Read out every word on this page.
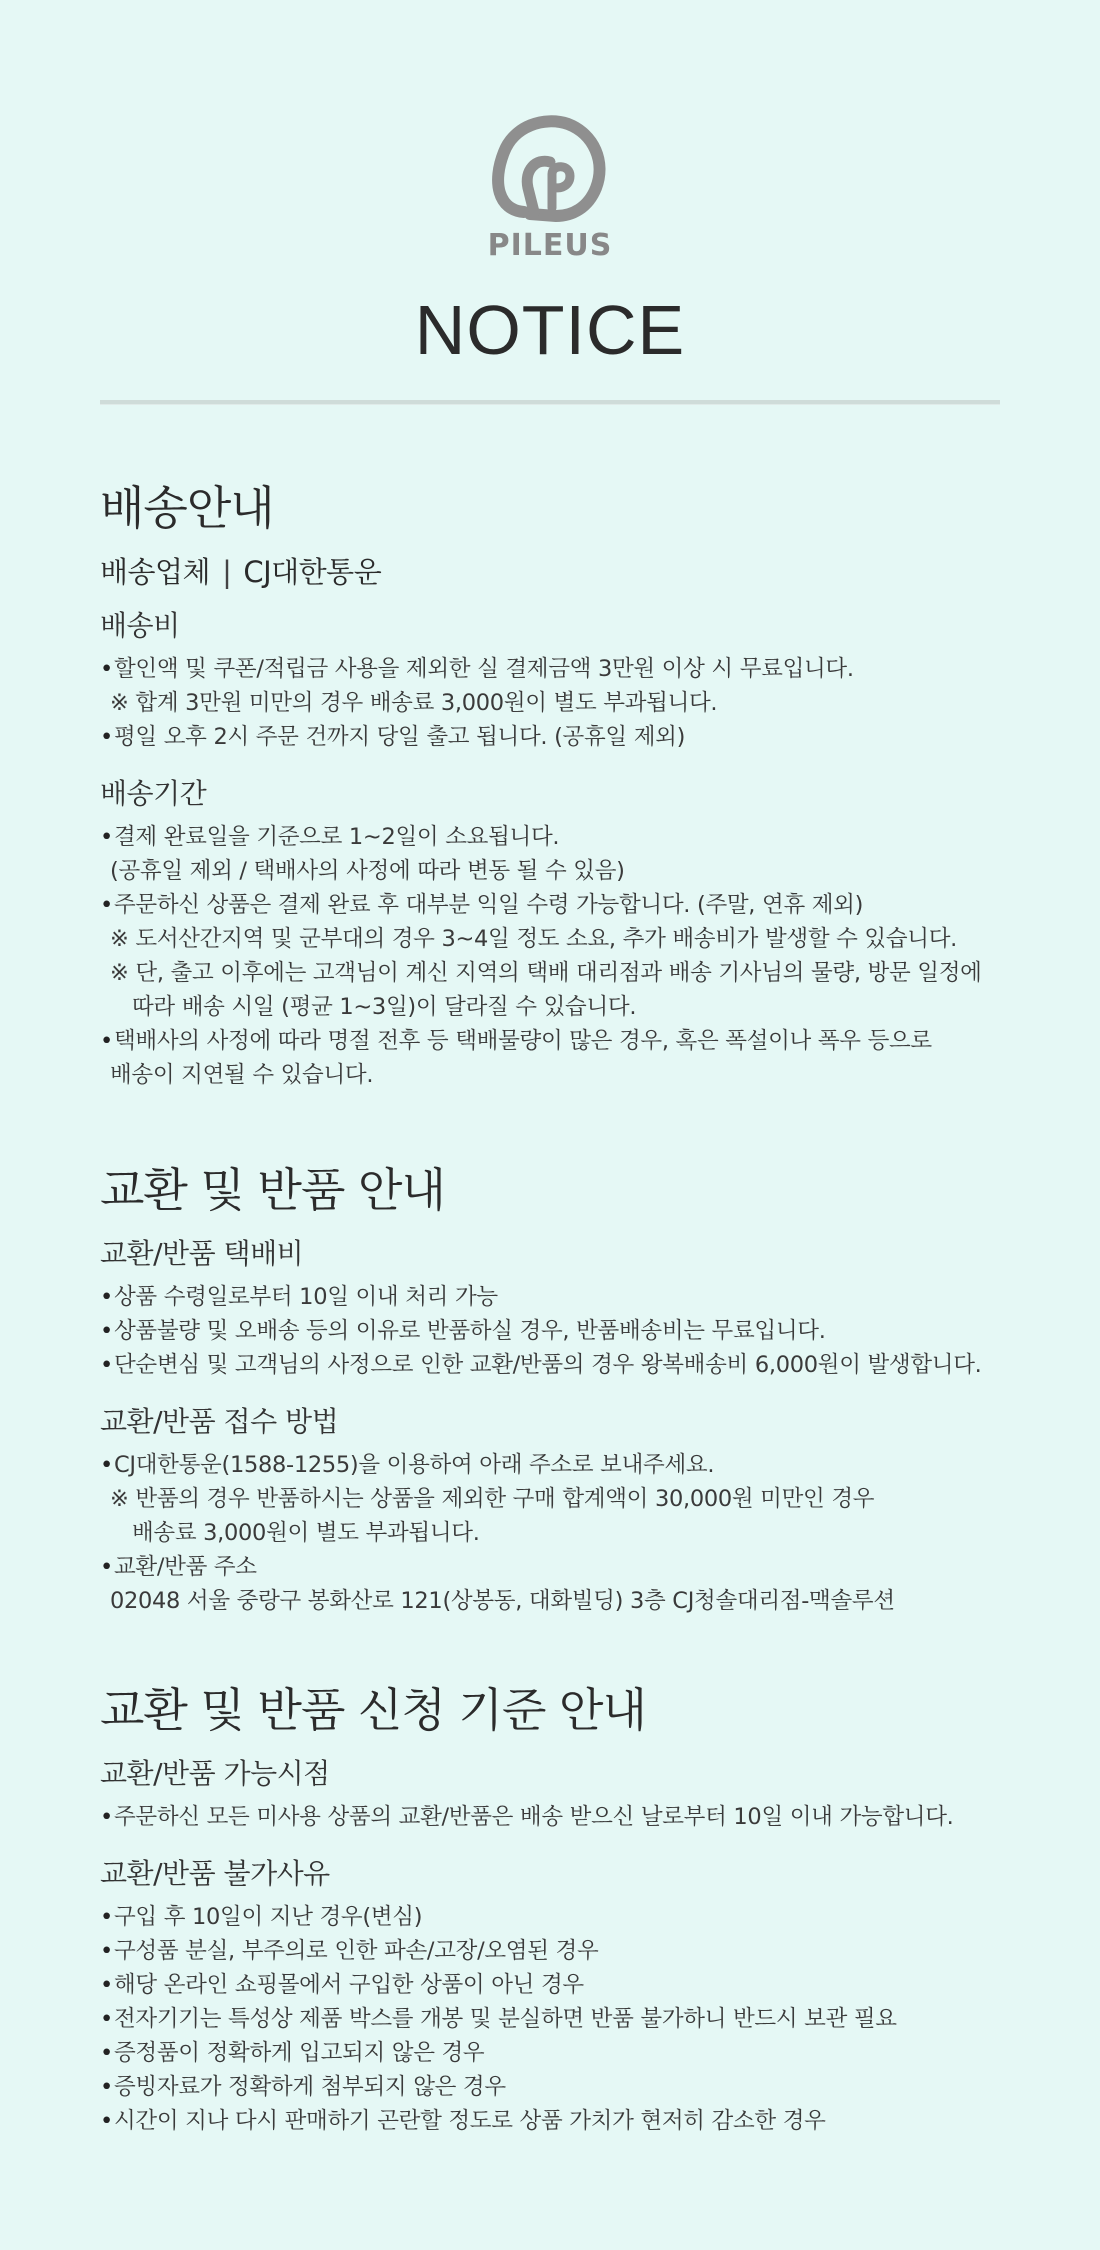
PILEUS
NOTICE
배송안내
배송업체 | CJ대한통운
배송비
• 할인액 및 쿠폰/적립금 사용을 제외한 실 결제금액 3만원 이상 시 무료입니다.
※ 합계 3만원 미만의 경우 배송료 3,000원이 별도 부과됩니다.
• 평일 오후 2시 주문 건까지 당일 출고 됩니다. (공휴일 제외)
배송기간
• 결제 완료일을 기준으로 1~2일이 소요됩니다.
(공휴일 제외 / 택배사의 사정에 따라 변동 될 수 있음)
• 주문하신 상품은 결제 완료 후 대부분 익일 수령 가능합니다. (주말, 연휴 제외)
※ 도서산간지역 및 군부대의 경우 3~4일 정도 소요, 추가 배송비가 발생할 수 있습니다.
※ 단, 출고 이후에는 고객님이 계신 지역의 택배 대리점과 배송 기사님의 물량, 방문 일정에
따라 배송 시일 (평균 1~3일)이 달라질 수 있습니다.
• 택배사의 사정에 따라 명절 전후 등 택배물량이 많은 경우, 혹은 폭설이나 폭우 등으로
배송이 지연될 수 있습니다.
교환 및 반품 안내
교환/반품 택배비
• 상품 수령일로부터 10일 이내 처리 가능
• 상품불량 및 오배송 등의 이유로 반품하실 경우, 반품배송비는 무료입니다.
• 단순변심 및 고객님의 사정으로 인한 교환/반품의 경우 왕복배송비 6,000원이 발생합니다.
교환/반품 접수 방법
• CJ대한통운(1588-1255)을 이용하여 아래 주소로 보내주세요.
※ 반품의 경우 반품하시는 상품을 제외한 구매 합계액이 30,000원 미만인 경우
배송료 3,000원이 별도 부과됩니다.
• 교환/반품 주소
02048 서울 중랑구 봉화산로 121(상봉동, 대화빌딩) 3층 CJ청솔대리점-맥솔루션
교환 및 반품 신청 기준 안내
교환/반품 가능시점
• 주문하신 모든 미사용 상품의 교환/반품은 배송 받으신 날로부터 10일 이내 가능합니다.
교환/반품 불가사유
• 구입 후 10일이 지난 경우(변심)
• 구성품 분실, 부주의로 인한 파손/고장/오염된 경우
• 해당 온라인 쇼핑몰에서 구입한 상품이 아닌 경우
• 전자기기는 특성상 제품 박스를 개봉 및 분실하면 반품 불가하니 반드시 보관 필요
• 증정품이 정확하게 입고되지 않은 경우
• 증빙자료가 정확하게 첨부되지 않은 경우
• 시간이 지나 다시 판매하기 곤란할 정도로 상품 가치가 현저히 감소한 경우
